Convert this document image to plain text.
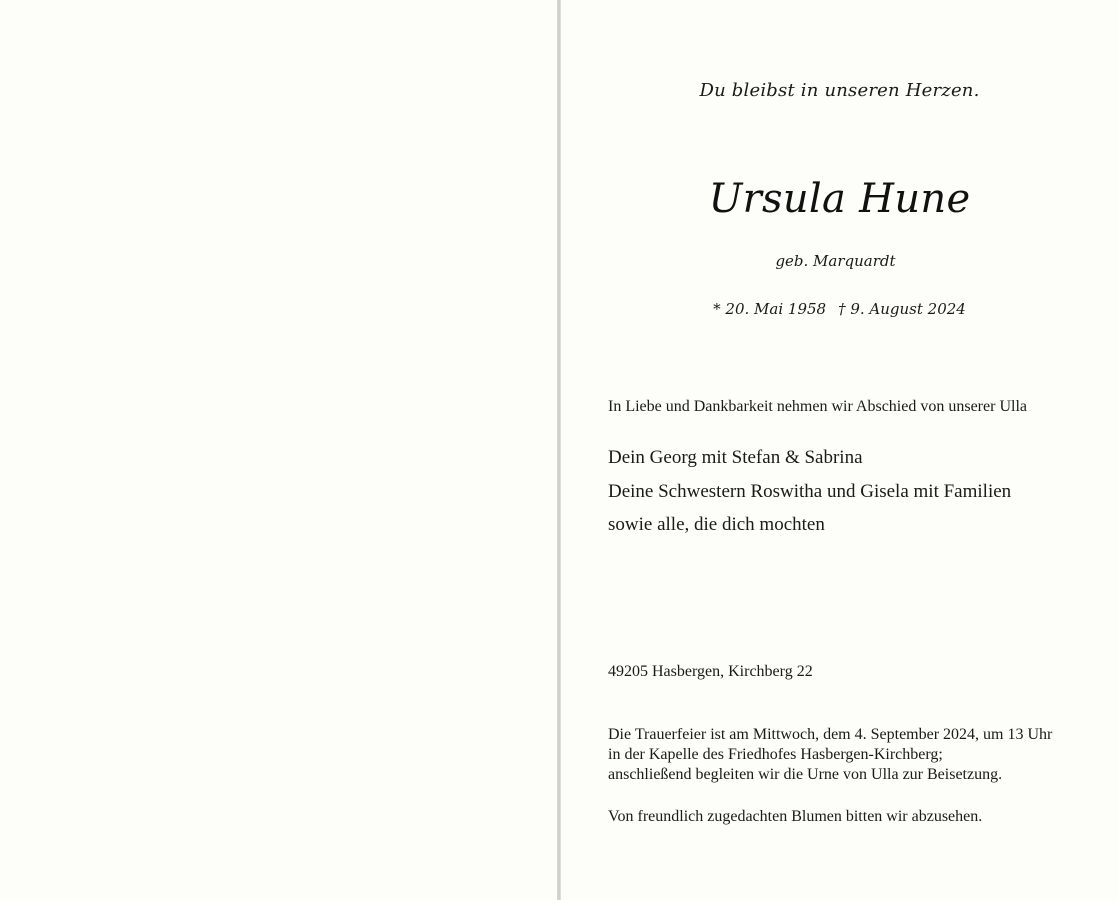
Du bleibst in unseren Herzen.
Ursula Hune
geb. Marquardt
* 20. Mai 1958 † 9. August 2024
In Liebe und Dankbarkeit nehmen wir Abschied von unserer Ulla
Dein Georg mit Stefan & Sabrina
Deine Schwestern Roswitha und Gisela mit Familien
sowie alle, die dich mochten
49205 Hasbergen, Kirchberg 22
Die Trauerfeier ist am Mittwoch, dem 4. September 2024, um 13 Uhr
in der Kapelle des Friedhofes Hasbergen-Kirchberg;
anschließend begleiten wir die Urne von Ulla zur Beisetzung.
Von freundlich zugedachten Blumen bitten wir abzusehen.
